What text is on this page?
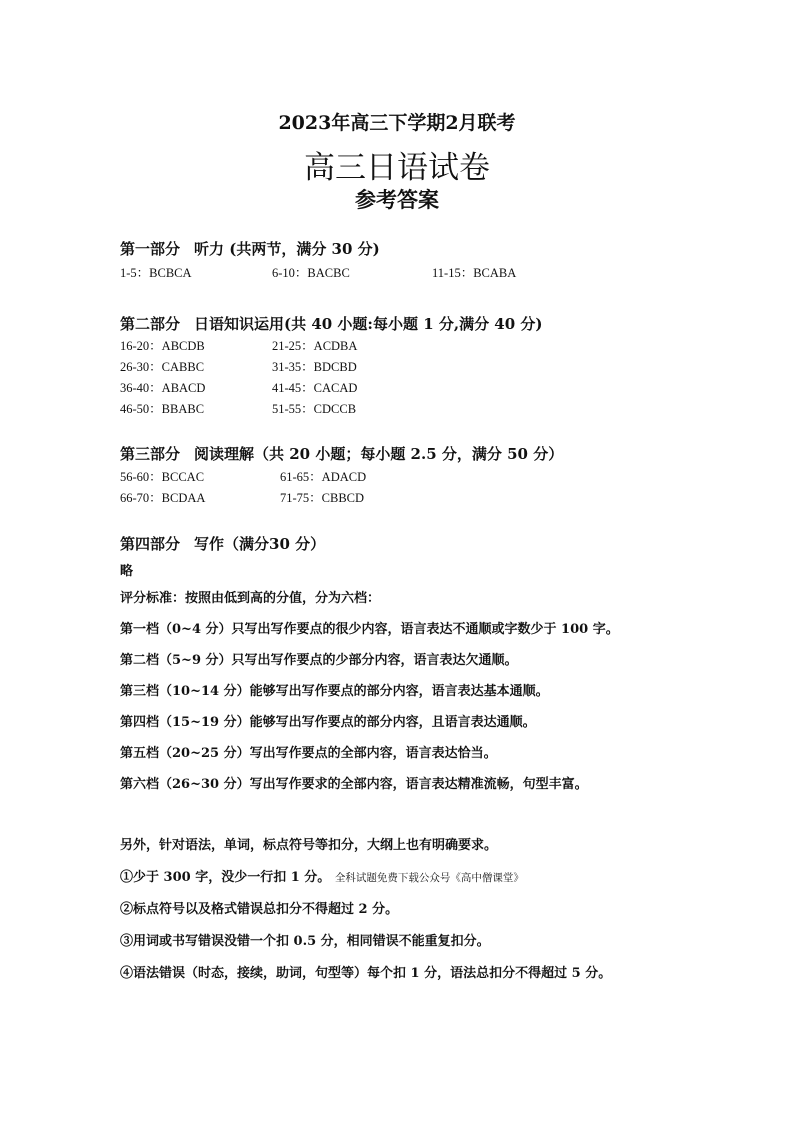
2023年高三下学期2月联考
高三日语试卷
参考答案
第一部分 听力 (共两节，满分 30 分)
1-5：BCBCA	6-10：BACBC	11-15：BCABA
第二部分 日语知识运用(共 40 小题:每小题 1 分,满分 40 分)
16-20：ABCDB	21-25：ACDBA
26-30：CABBC	31-35：BDCBD
36-40：ABACD	41-45：CACAD
46-50：BBABC	51-55：CDCCB
第三部分 阅读理解（共 20 小题；每小题 2.5 分，满分 50 分）
56-60：BCCAC	61-65：ADACD
66-70：BCDAA	71-75：CBBCD
第四部分 写作（满分30 分）
略
评分标准：按照由低到高的分值，分为六档：
第一档（0~4 分）只写出写作要点的很少内容，语言表达不通顺或字数少于 100 字。
第二档（5~9 分）只写出写作要点的少部分内容，语言表达欠通顺。
第三档（10~14 分）能够写出写作要点的部分内容，语言表达基本通顺。
第四档（15~19 分）能够写出写作要点的部分内容，且语言表达通顺。
第五档（20~25 分）写出写作要点的全部内容，语言表达恰当。
第六档（26~30 分）写出写作要求的全部内容，语言表达精准流畅，句型丰富。
另外，针对语法，单词，标点符号等扣分，大纲上也有明确要求。
①少于 300 字，没少一行扣 1 分。 全科试题免费下载公众号《高中僧课堂》
②标点符号以及格式错误总扣分不得超过 2 分。
③用词或书写错误没错一个扣 0.5 分，相同错误不能重复扣分。
④语法错误（时态，接续，助词，句型等）每个扣 1 分，语法总扣分不得超过 5 分。
